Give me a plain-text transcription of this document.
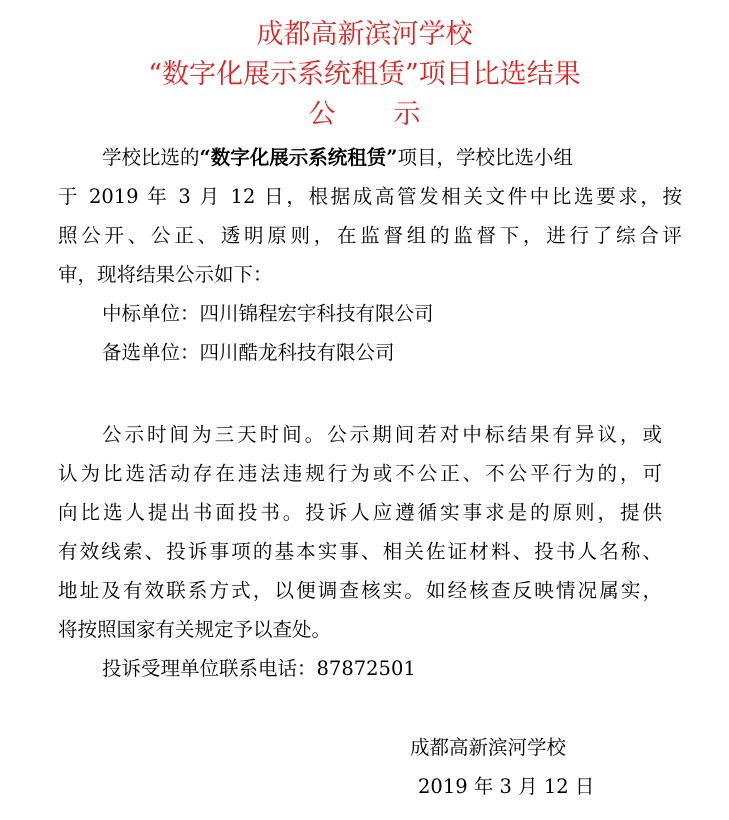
成都高新滨河学校
“数字化展示系统租赁”项目比选结果
公示
学校比选的“数字化展示系统租赁”项目，学校比选小组
于 2019 年 3 月 12 日，根据成高管发相关文件中比选要求，按
照公开、公正、透明原则，在监督组的监督下，进行了综合评
审，现将结果公示如下：
中标单位：四川锦程宏宇科技有限公司
备选单位：四川酷龙科技有限公司
公示时间为三天时间。公示期间若对中标结果有异议，或
认为比选活动存在违法违规行为或不公正、不公平行为的，可
向比选人提出书面投书。投诉人应遵循实事求是的原则，提供
有效线索、投诉事项的基本实事、相关佐证材料、投书人名称、
地址及有效联系方式，以便调查核实。如经核查反映情况属实，
将按照国家有关规定予以查处。
投诉受理单位联系电话：87872501
成都高新滨河学校
2019 年 3 月 12 日
